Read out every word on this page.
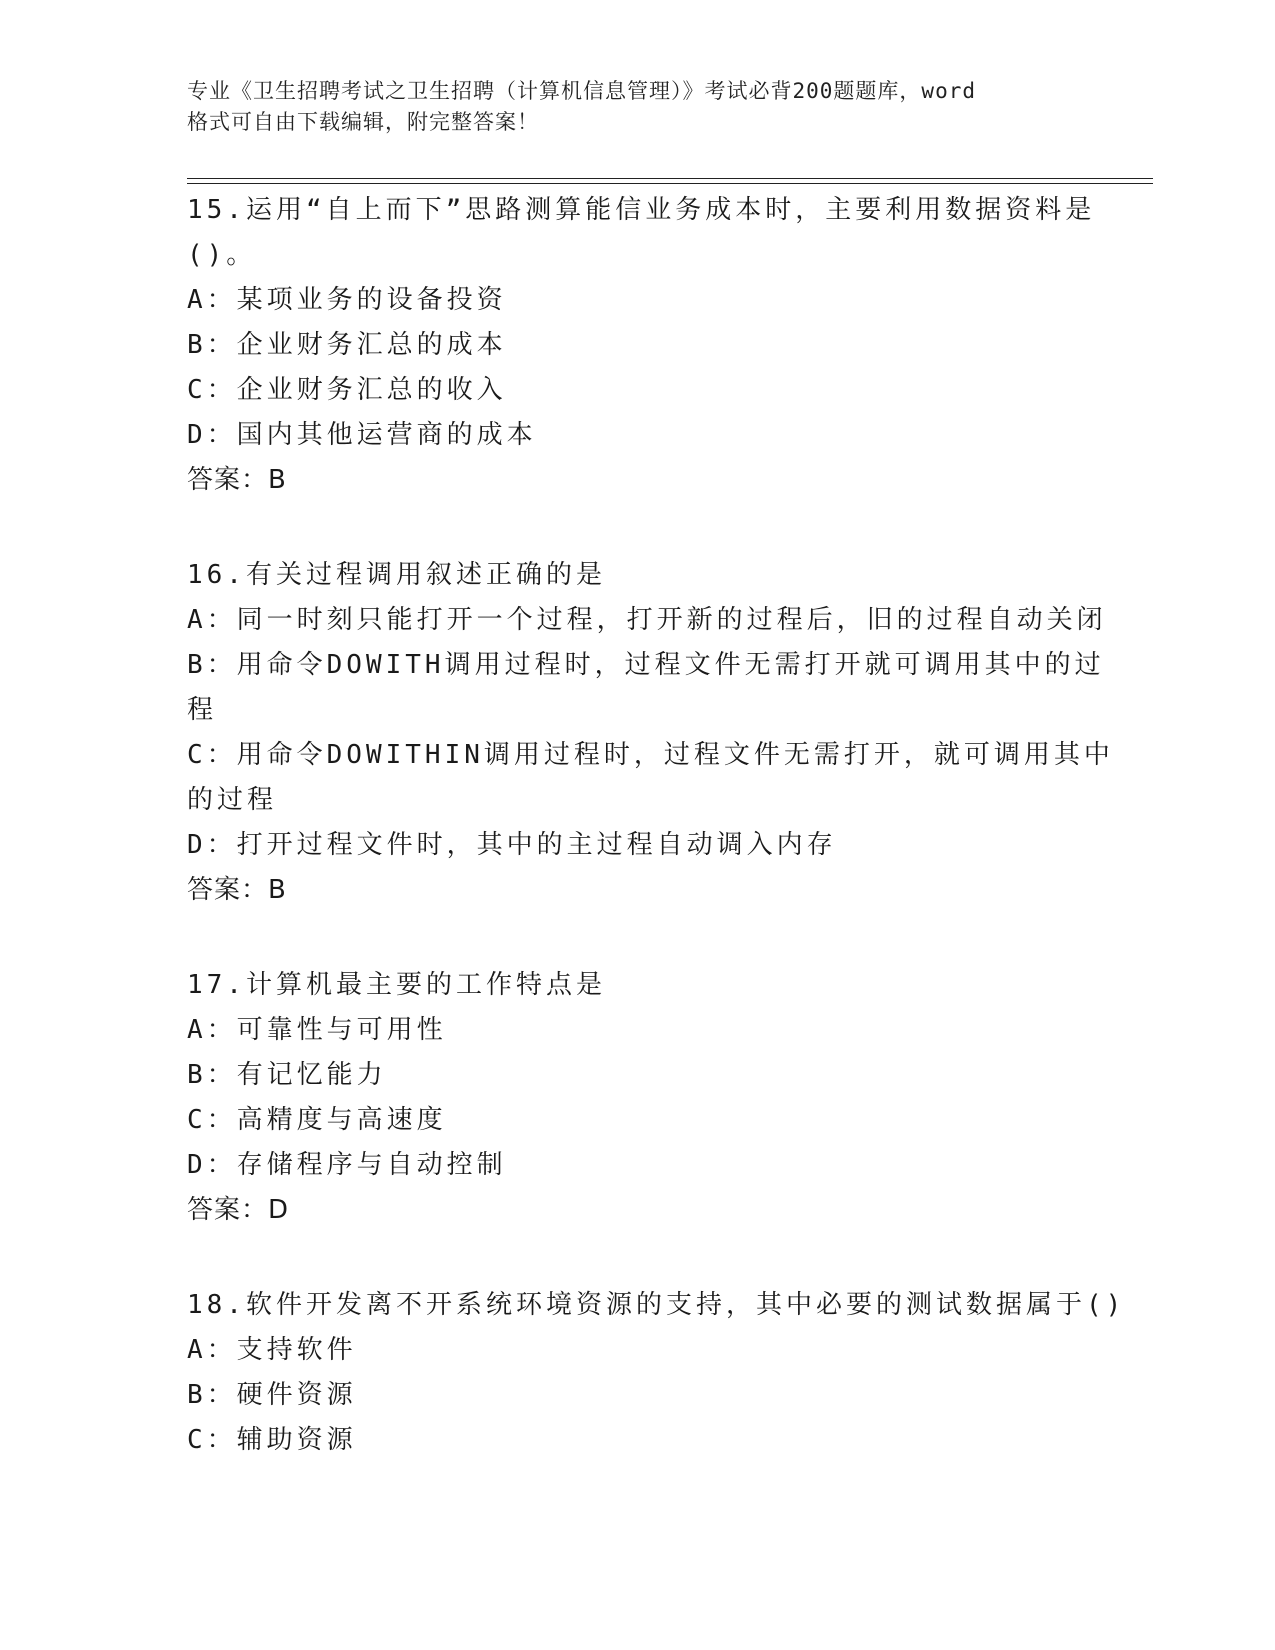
专业《卫生招聘考试之卫生招聘（计算机信息管理）》考试必背200题题库，word
格式可自由下载编辑，附完整答案！
15.运用“自上而下”思路测算能信业务成本时，主要利用数据资料是
()。
A：某项业务的设备投资
B：企业财务汇总的成本
C：企业财务汇总的收入
D：国内其他运营商的成本
答案：B
16.有关过程调用叙述正确的是
A：同一时刻只能打开一个过程，打开新的过程后，旧的过程自动关闭
B：用命令DOWITH调用过程时，过程文件无需打开就可调用其中的过
程
C：用命令DOWITHIN调用过程时，过程文件无需打开，就可调用其中
的过程
D：打开过程文件时，其中的主过程自动调入内存
答案：B
17.计算机最主要的工作特点是
A：可靠性与可用性
B：有记忆能力
C：高精度与高速度
D：存储程序与自动控制
答案：D
18.软件开发离不开系统环境资源的支持，其中必要的测试数据属于()
A：支持软件
B：硬件资源
C：辅助资源
